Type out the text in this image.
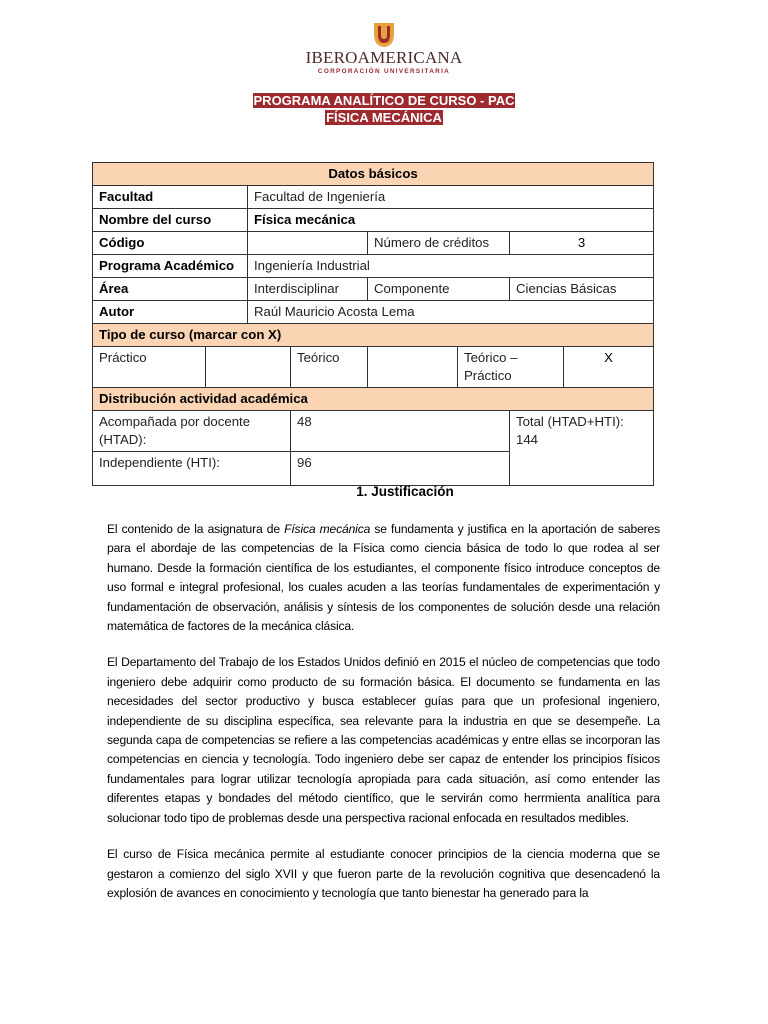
IBEROAMERICANA
CORPORACIÓN UNIVERSITARIA
PROGRAMA ANALÍTICO DE CURSO - PAC
FÍSICA MECÁNICA
Datos básicos							
Facultad		Facultad de Ingeniería					
Nombre del curso		Física mecánica					
Código				Número de créditos		3	
Programa Académico		Ingeniería Industrial					
Área		Interdisciplinar		Componente		Ciencias Básicas	
Autor		Raúl Mauricio Acosta Lema					
Tipo de curso (marcar con X)							
Práctico			Teórico		Teórico – Práctico		X
Distribución actividad académica							
Acompañada por docente (HTAD):			48			Total (HTAD+HTI):
144	
Independiente (HTI):			96				
1. Justificación

El contenido de la asignatura de Física mecánica se fundamenta y justifica en la aportación de saberes para el abordaje de las competencias de la Física como ciencia básica de todo lo que rodea al ser humano. Desde la formación científica de los estudiantes, el componente físico introduce conceptos de uso formal e integral profesional, los cuales acuden a las teorías fundamentales de experimentación y fundamentación de observación, análisis y síntesis de los componentes de solución desde una relación matemática de factores de la mecánica clásica.

El Departamento del Trabajo de los Estados Unidos definió en 2015 el núcleo de competencias que todo ingeniero debe adquirir como producto de su formación básica. El documento se fundamenta en las necesidades del sector productivo y busca establecer guías para que un profesional ingeniero, independiente de su disciplina específica, sea relevante para la industria en que se desempeñe. La segunda capa de competencias se refiere a las competencias académicas y entre ellas se incorporan las competencias en ciencia y tecnología. Todo ingeniero debe ser capaz de entender los principios físicos fundamentales para lograr utilizar tecnología apropiada para cada situación, así como entender las diferentes etapas y bondades del método científico, que le servirán como herrmienta analítica para solucionar todo tipo de problemas desde una perspectiva racional enfocada en resultados medibles.

El curso de Física mecánica permite al estudiante conocer principios de la ciencia moderna que se gestaron a comienzo del siglo XVII y que fueron parte de la revolución cognitiva que desencadenó la explosión de avances en conocimiento y tecnología que tanto bienestar ha generado para la
